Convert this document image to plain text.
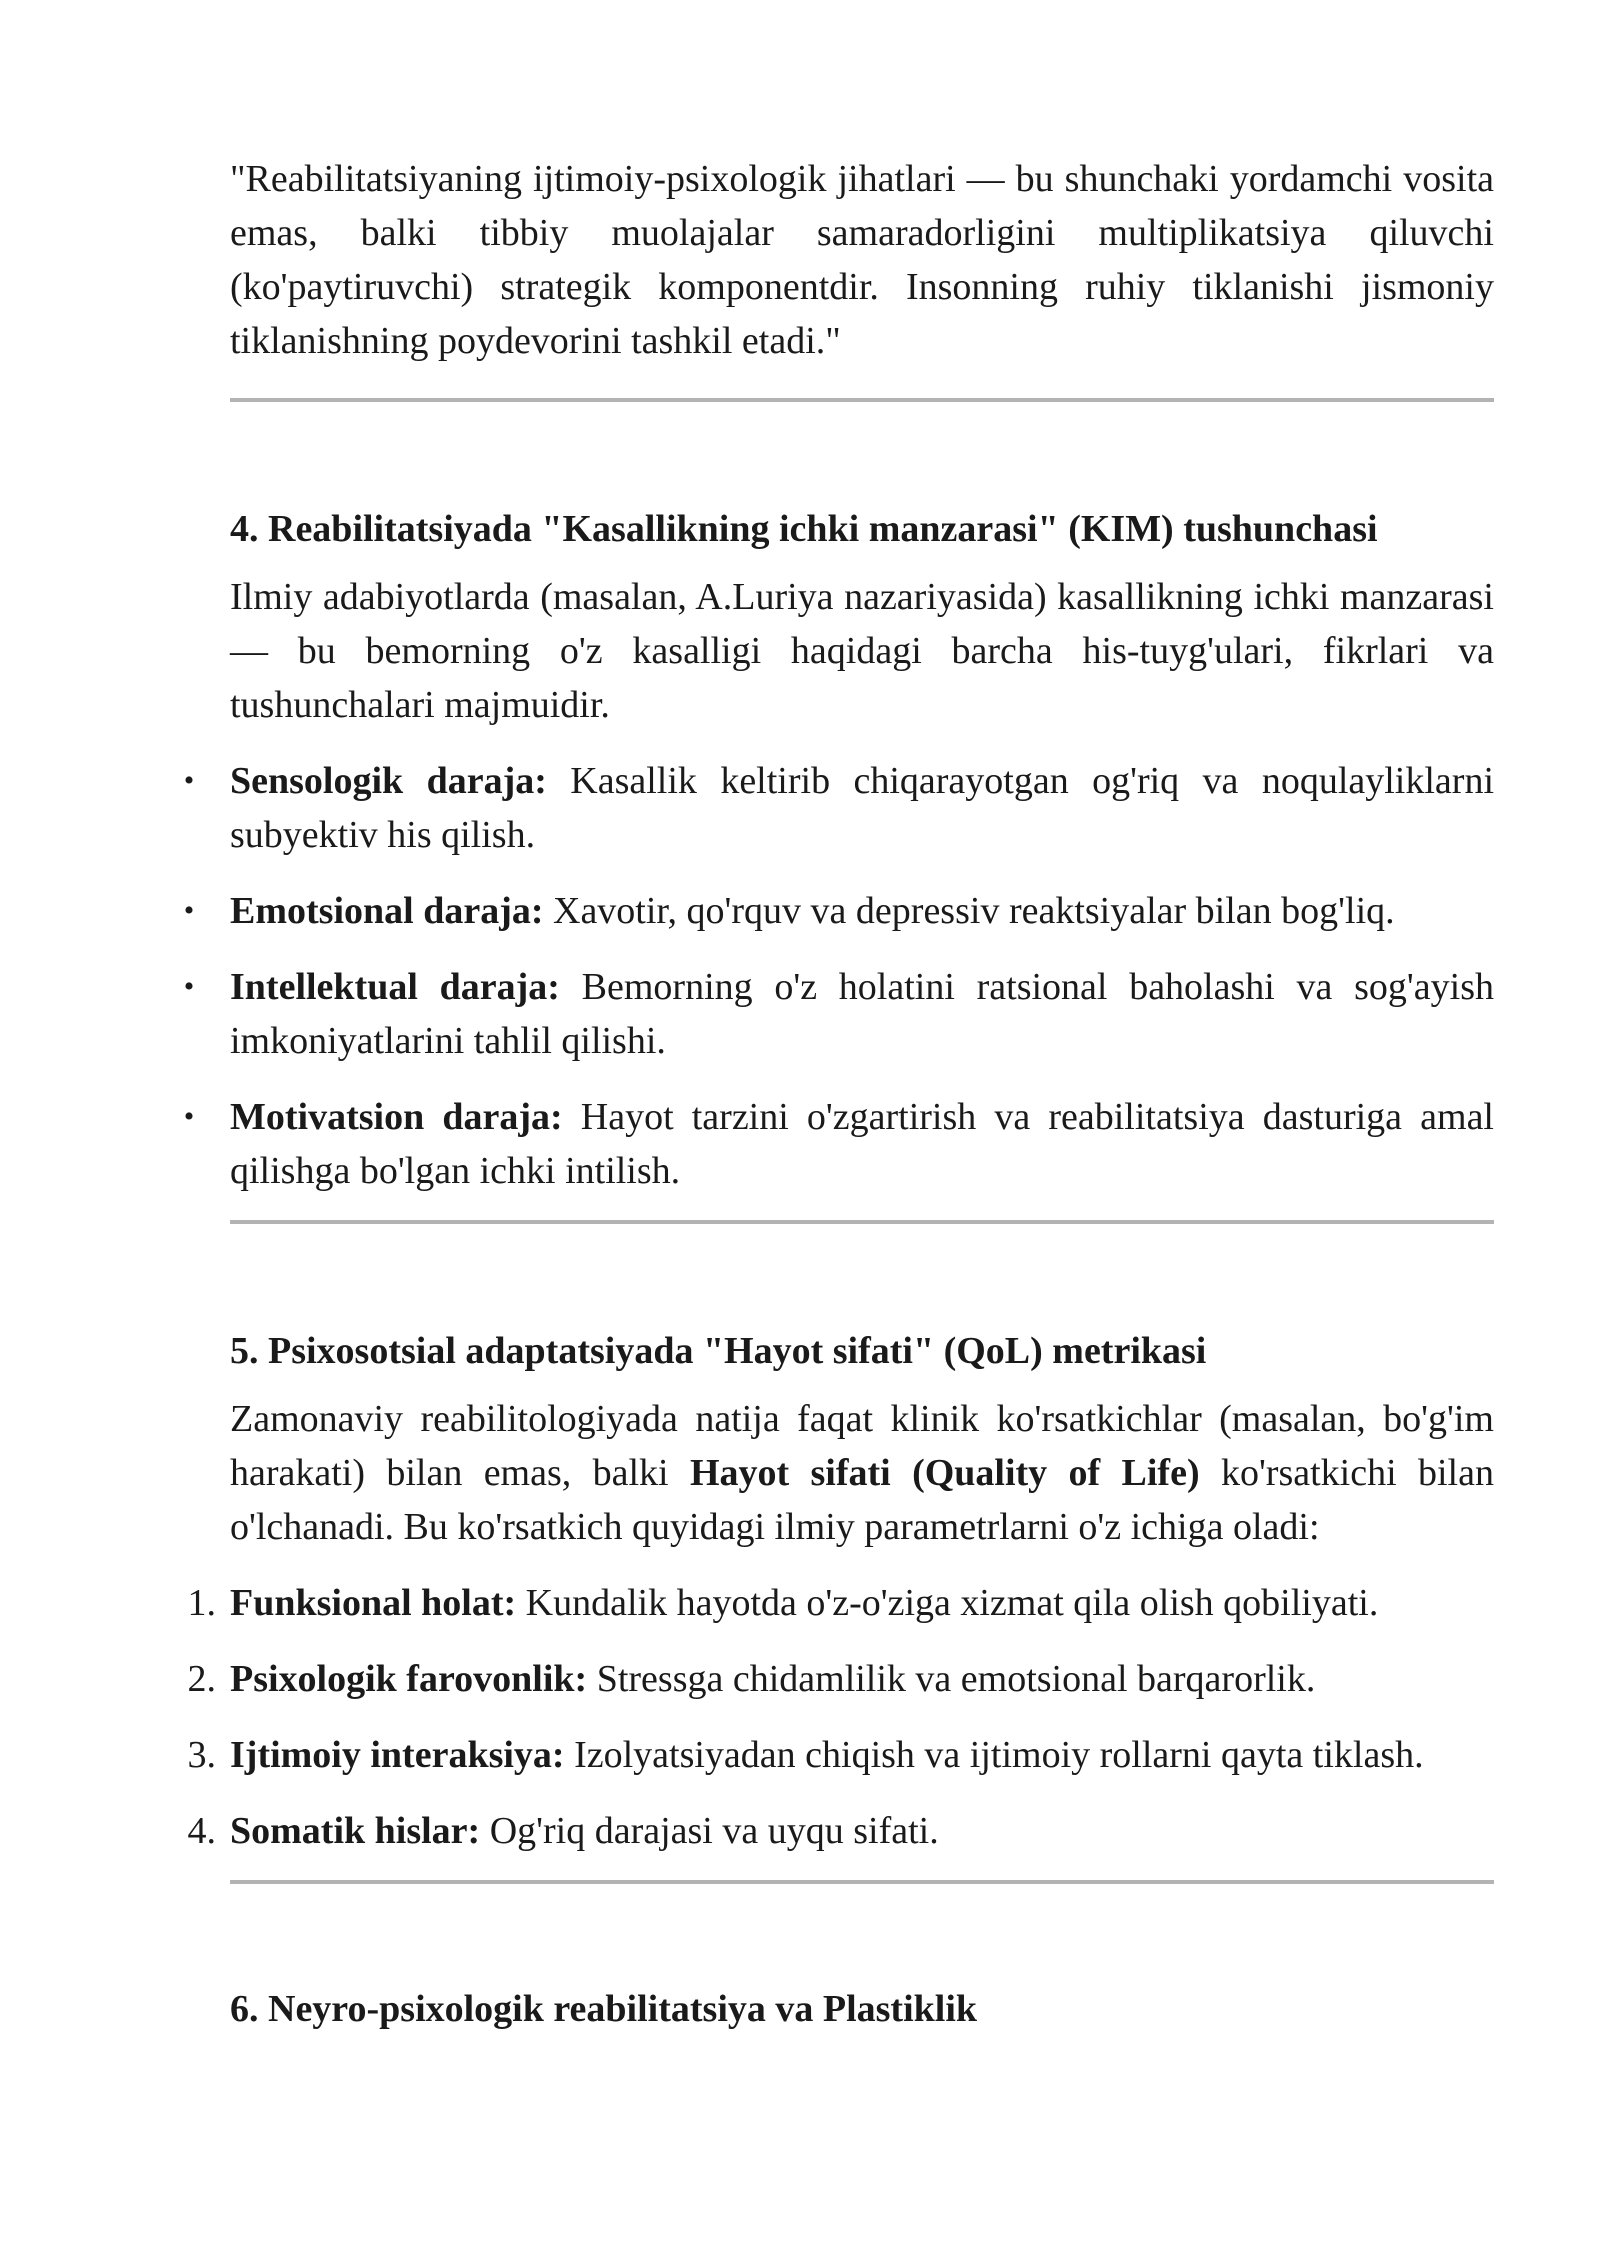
"Reabilitatsiyaning ijtimoiy-psixologik jihatlari — bu shunchaki yordamchi vosita emas, balki tibbiy muolajalar samaradorligini multiplikatsiya qiluvchi (ko'paytiruvchi) strategik komponentdir. Insonning ruhiy tiklanishi jismoniy tiklanishning poydevorini tashkil etadi."

4. Reabilitatsiyada "Kasallikning ichki manzarasi" (KIM) tushunchasi

Ilmiy adabiyotlarda (masalan, A.Luriya nazariyasida) kasallikning ichki manzarasi — bu bemorning o'z kasalligi haqidagi barcha his-tuyg'ulari, fikrlari va tushunchalari majmuidir.

• Sensologik daraja: Kasallik keltirib chiqarayotgan og'riq va noqulayliklarni subyektiv his qilish.
• Emotsional daraja: Xavotir, qo'rquv va depressiv reaktsiyalar bilan bog'liq.
• Intellektual daraja: Bemorning o'z holatini ratsional baholashi va sog'ayish imkoniyatlarini tahlil qilishi.
• Motivatsion daraja: Hayot tarzini o'zgartirish va reabilitatsiya dasturiga amal qilishga bo'lgan ichki intilish.
5. Psixosotsial adaptatsiyada "Hayot sifati" (QoL) metrikasi

Zamonaviy reabilitologiyada natija faqat klinik ko'rsatkichlar (masalan, bo'g'im harakati) bilan emas, balki Hayot sifati (Quality of Life) ko'rsatkichi bilan o'lchanadi. Bu ko'rsatkich quyidagi ilmiy parametrlarni o'z ichiga oladi:

1. Funksional holat: Kundalik hayotda o'z-o'ziga xizmat qila olish qobiliyati.
2. Psixologik farovonlik: Stressga chidamlilik va emotsional barqarorlik.
3. Ijtimoiy interaksiya: Izolyatsiyadan chiqish va ijtimoiy rollarni qayta tiklash.
4. Somatik hislar: Og'riq darajasi va uyqu sifati.
6. Neyro-psixologik reabilitatsiya va Plastiklik
